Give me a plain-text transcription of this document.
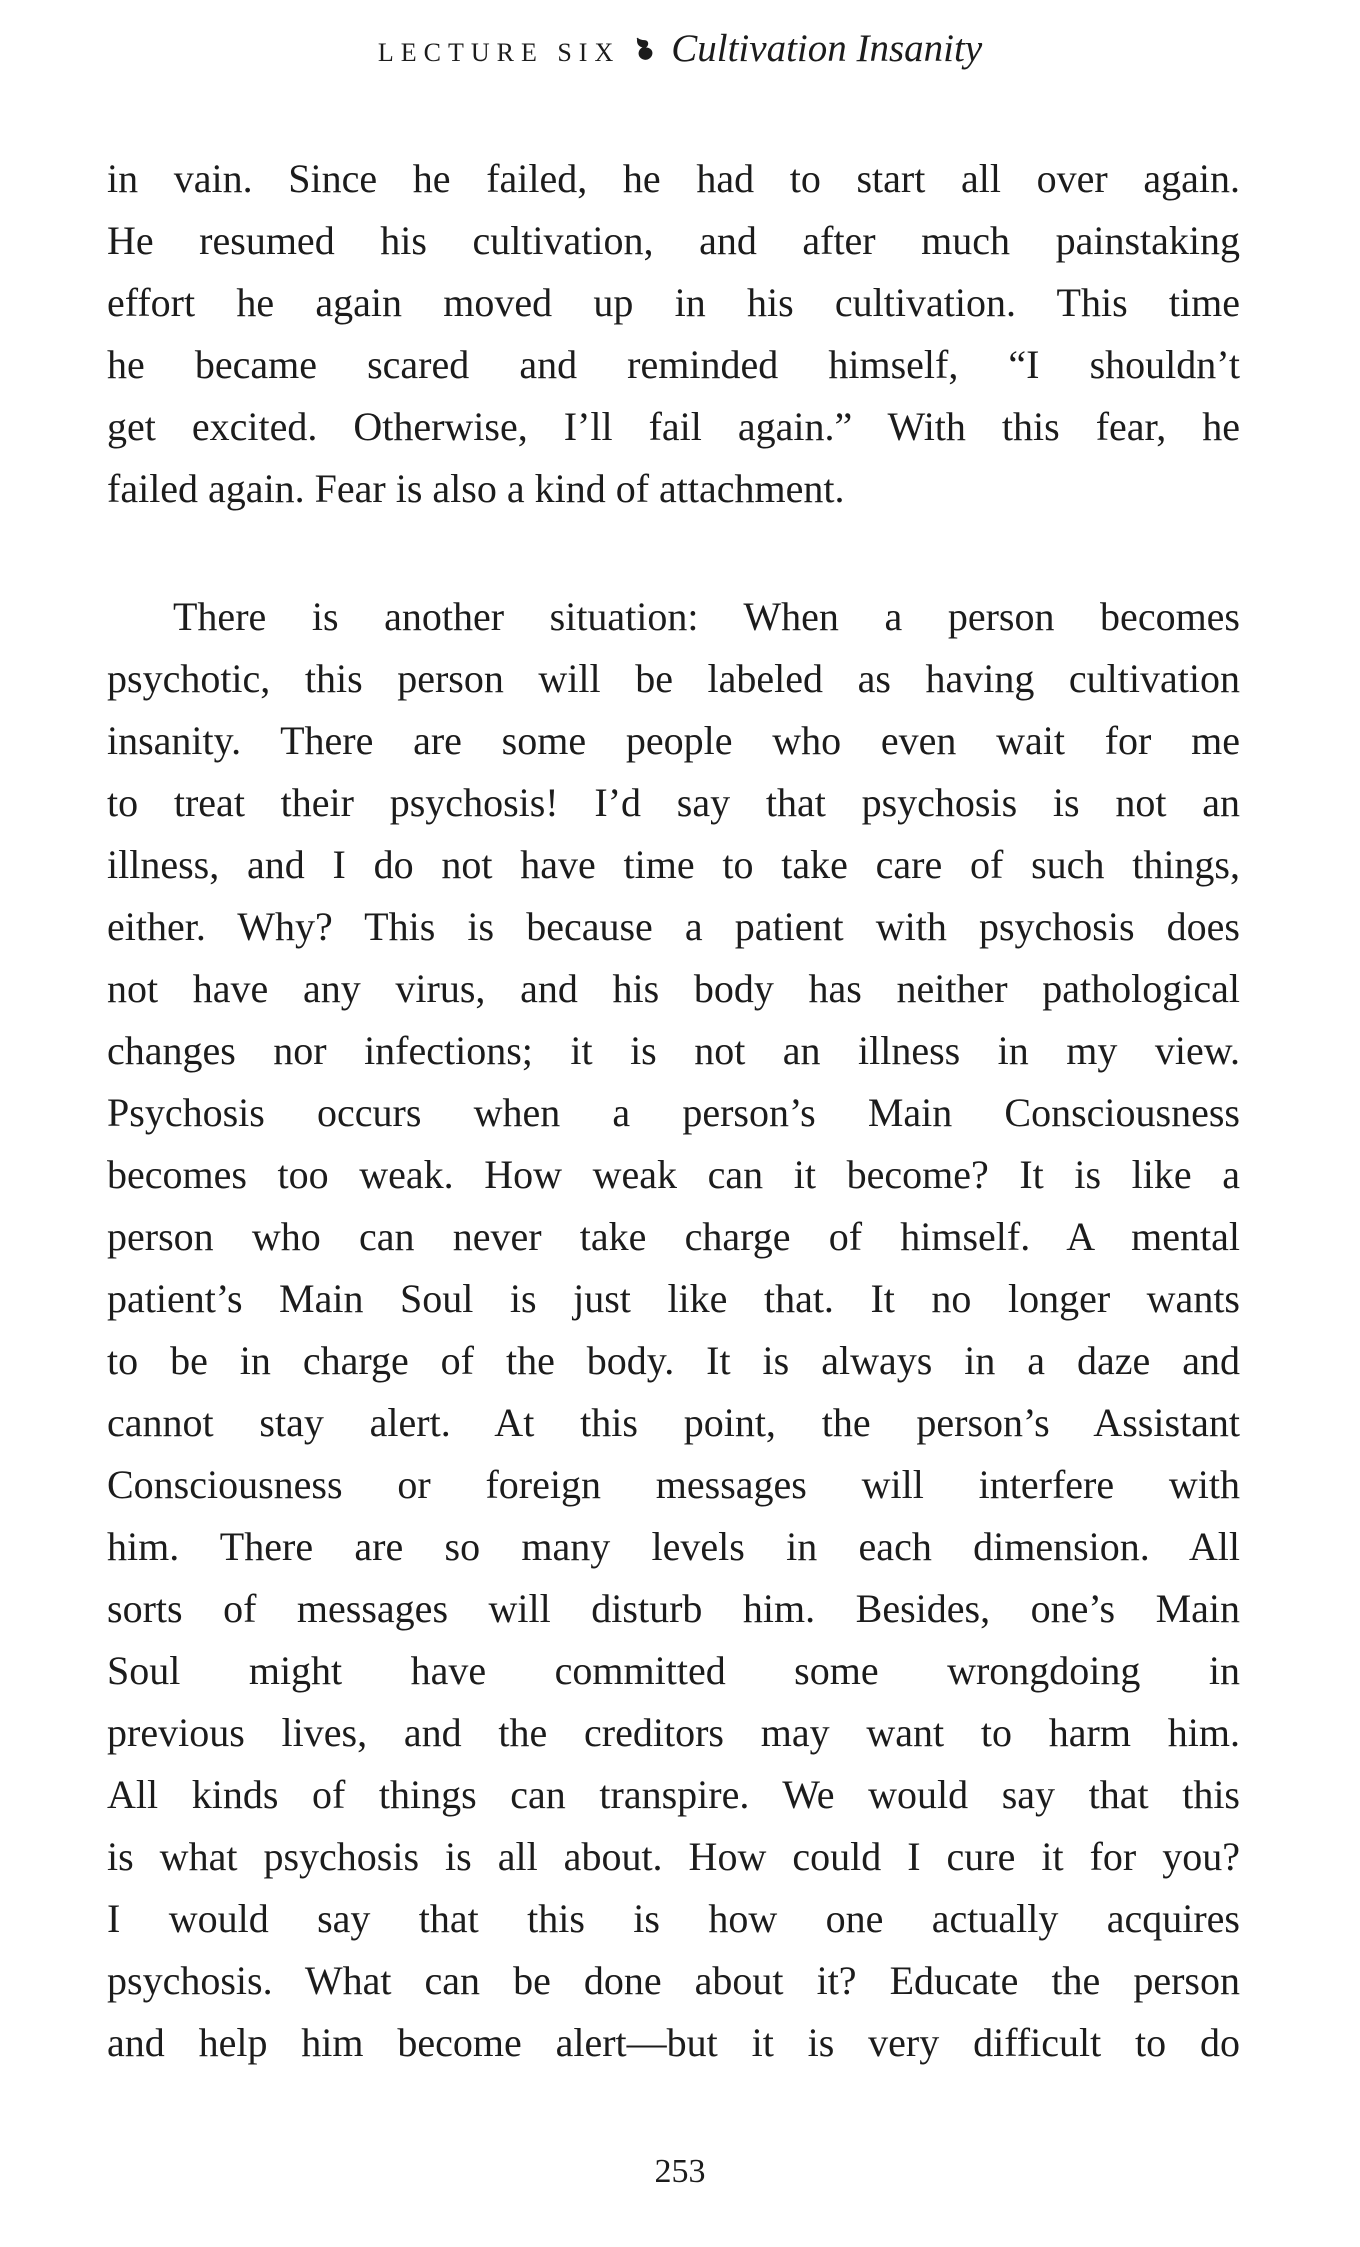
LECTURE SIX Cultivation Insanity
in vain. Since he failed, he had to start all over again.
He resumed his cultivation, and after much painstaking
effort he again moved up in his cultivation. This time
he became scared and reminded himself, “I shouldn’t
get excited. Otherwise, I’ll fail again.” With this fear, he
failed again. Fear is also a kind of attachment.
There is another situation: When a person becomes
psychotic, this person will be labeled as having cultivation
insanity. There are some people who even wait for me
to treat their psychosis! I’d say that psychosis is not an
illness, and I do not have time to take care of such things,
either. Why? This is because a patient with psychosis does
not have any virus, and his body has neither pathological
changes nor infections; it is not an illness in my view.
Psychosis occurs when a person’s Main Consciousness
becomes too weak. How weak can it become? It is like a
person who can never take charge of himself. A mental
patient’s Main Soul is just like that. It no longer wants
to be in charge of the body. It is always in a daze and
cannot stay alert. At this point, the person’s Assistant
Consciousness or foreign messages will interfere with
him. There are so many levels in each dimension. All
sorts of messages will disturb him. Besides, one’s Main
Soul might have committed some wrongdoing in
previous lives, and the creditors may want to harm him.
All kinds of things can transpire. We would say that this
is what psychosis is all about. How could I cure it for you?
I would say that this is how one actually acquires
psychosis. What can be done about it? Educate the person
and help him become alert—but it is very difficult to do
253
